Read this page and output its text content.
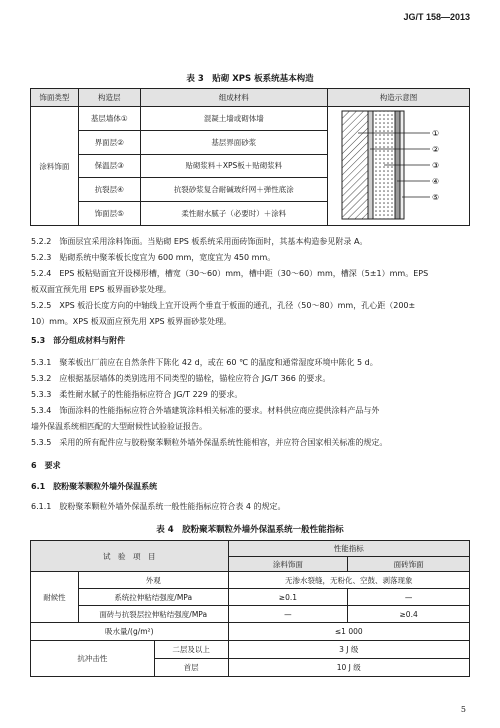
JG/T 158—2013
表 3　贴砌 XPS 板系统基本构造
饰面类型	构造层	组成材料	构造示意图
涂料饰面	基层墙体①	混凝土墙或砌体墙	①
②
③
④
⑤

	界面层②	基层界面砂浆	
	保温层③	贴砌浆料＋XPS板＋贴砌浆料	
	抗裂层④	抗裂砂浆复合耐碱玻纤网＋弹性底涂	
	饰面层⑤	柔性耐水腻子（必要时）＋涂料	

5.2.2　饰面层宜采用涂料饰面。当贴砌 EPS 板系统采用面砖饰面时，其基本构造参见附录 A。

5.2.3　贴砌系统中聚苯板长度宜为 600 mm，宽度宜为 450 mm。

5.2.4　EPS 板粘贴面宜开设梯形槽，槽宽（30～60）mm，槽中距（30～60）mm，槽深（5±1）mm。EPS

板双面宜预先用 EPS 板界面砂浆处理。

5.2.5　XPS 板沿长度方向的中轴线上宜开设两个垂直于板面的通孔，孔径（50～80）mm，孔心距（200±

10）mm。XPS 板双面应预先用 XPS 板界面砂浆处理。

5.3　部分组成材料与附件

5.3.1　聚苯板出厂前应在自然条件下陈化 42 d，或在 60 ℃ 的温度和通常湿度环境中陈化 5 d。

5.3.2　应根据基层墙体的类别选用不同类型的锚栓，锚栓应符合 JG/T 366 的要求。

5.3.3　柔性耐水腻子的性能指标应符合 JG/T 229 的要求。

5.3.4　饰面涂料的性能指标应符合外墙建筑涂料相关标准的要求。材料供应商应提供涂料产品与外

墙外保温系统相匹配的大型耐候性试验验证报告。

5.3.5　采用的所有配件应与胶粉聚苯颗粒外墙外保温系统性能相容，并应符合国家相关标准的规定。

6　要求
6.1　胶粉聚苯颗粒外墙外保温系统

6.1.1　胶粉聚苯颗粒外墙外保温系统一般性能指标应符合表 4 的规定。

表 4　胶粉聚苯颗粒外墙外保温系统一般性能指标
试　验　项　目			性能指标	
			涂料饰面	面砖饰面
耐候性	外观		无渗水裂缝，无粉化、空鼓、剥落现象	
	系统拉伸粘结强度/MPa		≥0.1	—
	面砖与抗裂层拉伸粘结强度/MPa		—	≥0.4
吸水量/(g/m²)			≤1 000	
抗冲击性		二层及以上	3 J 级	
		首层	10 J 级	
5
